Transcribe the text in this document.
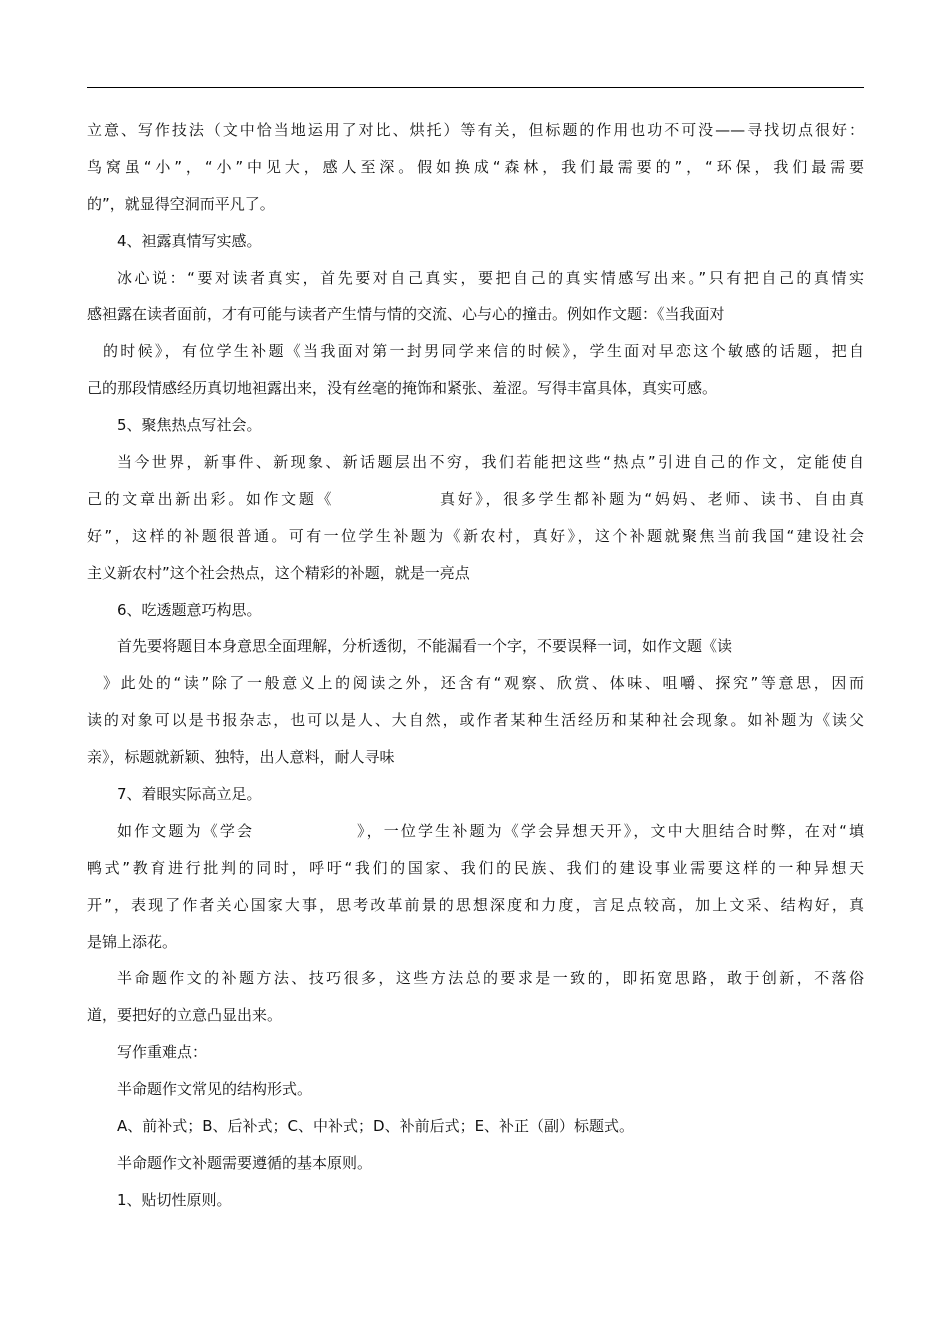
立意、写作技法（文中恰当地运用了对比、烘托）等有关，但标题的作用也功不可没——寻找切点很好：
鸟窝虽“小”，“小”中见大，感人至深。假如换成“森林，我们最需要的”，“环保，我们最需要
的”，就显得空洞而平凡了。
4、袒露真情写实感。
冰心说：“要对读者真实，首先要对自己真实，要把自己的真实情感写出来。”只有把自己的真情实
感袒露在读者面前，才有可能与读者产生情与情的交流、心与心的撞击。例如作文题：《当我面对
的时候》，有位学生补题《当我面对第一封男同学来信的时候》，学生面对早恋这个敏感的话题，把自
己的那段情感经历真切地袒露出来，没有丝毫的掩饰和紧张、羞涩。写得丰富具体，真实可感。
5、聚焦热点写社会。
当今世界，新事件、新现象、新话题层出不穷，我们若能把这些“热点”引进自己的作文，定能使自
己的文章出新出彩。如作文题《　　　　　　真好》，很多学生都补题为“妈妈、老师、读书、自由真
好”，这样的补题很普通。可有一位学生补题为《新农村，真好》，这个补题就聚焦当前我国“建设社会
主义新农村”这个社会热点，这个精彩的补题，就是一亮点
6、吃透题意巧构思。
首先要将题目本身意思全面理解，分析透彻，不能漏看一个字，不要误释一词，如作文题《读
》此处的“读”除了一般意义上的阅读之外，还含有“观察、欣赏、体味、咀嚼、探究”等意思，因而
读的对象可以是书报杂志，也可以是人、大自然，或作者某种生活经历和某种社会现象。如补题为《读父
亲》，标题就新颖、独特，出人意料，耐人寻味
7、着眼实际高立足。
如作文题为《学会　　　　　　》，一位学生补题为《学会异想天开》，文中大胆结合时弊，在对“填
鸭式”教育进行批判的同时，呼吁“我们的国家、我们的民族、我们的建设事业需要这样的一种异想天
开”，表现了作者关心国家大事，思考改革前景的思想深度和力度，言足点较高，加上文采、结构好，真
是锦上添花。
半命题作文的补题方法、技巧很多，这些方法总的要求是一致的，即拓宽思路，敢于创新，不落俗
道，要把好的立意凸显出来。
写作重难点：
半命题作文常见的结构形式。
A、前补式；B、后补式；C、中补式；D、补前后式；E、补正（副）标题式。
半命题作文补题需要遵循的基本原则。
1、贴切性原则。
